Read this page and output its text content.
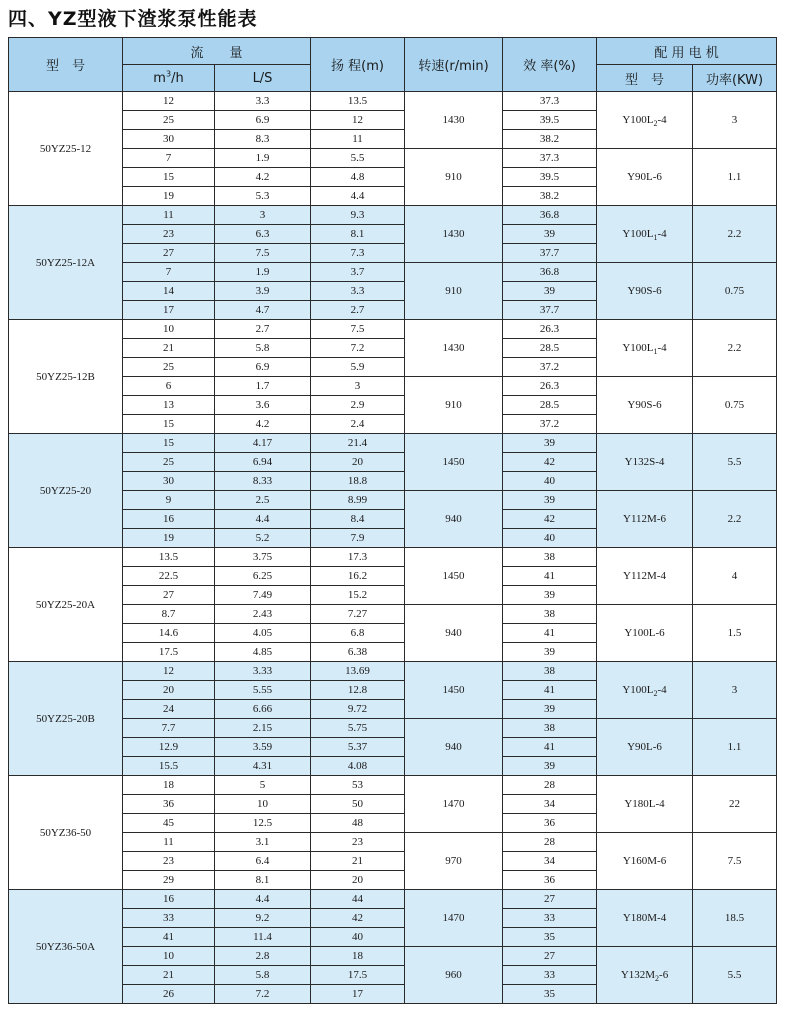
四、YZ型液下渣浆泵性能表
型　号	流　　量		扬 程(m)	转速(r/min)	效 率(%)	配 用 电 机	
	$m^3/h$	L/S				型　号	功率(KW)
50YZ25-12	12	3.3	13.5	1430	37.3	$Y100L_2-4$	3
	25	6.9	12		39.5		
	30	8.3	11		38.2		
	7	1.9	5.5	910	37.3	Y90L-6	1.1
	15	4.2	4.8		39.5		
	19	5.3	4.4		38.2		
50YZ25-12A	11	3	9.3	1430	36.8	$Y100L_1-4$	2.2
	23	6.3	8.1		39		
	27	7.5	7.3		37.7		
	7	1.9	3.7	910	36.8	Y90S-6	0.75
	14	3.9	3.3		39		
	17	4.7	2.7		37.7		
50YZ25-12B	10	2.7	7.5	1430	26.3	$Y100L_1-4$	2.2
	21	5.8	7.2		28.5		
	25	6.9	5.9		37.2		
	6	1.7	3	910	26.3	Y90S-6	0.75
	13	3.6	2.9		28.5		
	15	4.2	2.4		37.2		
50YZ25-20	15	4.17	21.4	1450	39	Y132S-4	5.5
	25	6.94	20		42		
	30	8.33	18.8		40		
	9	2.5	8.99	940	39	Y112M-6	2.2
	16	4.4	8.4		42		
	19	5.2	7.9		40		
50YZ25-20A	13.5	3.75	17.3	1450	38	Y112M-4	4
	22.5	6.25	16.2		41		
	27	7.49	15.2		39		
	8.7	2.43	7.27	940	38	Y100L-6	1.5
	14.6	4.05	6.8		41		
	17.5	4.85	6.38		39		
50YZ25-20B	12	3.33	13.69	1450	38	$Y100L_2-4$	3
	20	5.55	12.8		41		
	24	6.66	9.72		39		
	7.7	2.15	5.75	940	38	Y90L-6	1.1
	12.9	3.59	5.37		41		
	15.5	4.31	4.08		39		
50YZ36-50	18	5	53	1470	28	Y180L-4	22
	36	10	50		34		
	45	12.5	48		36		
	11	3.1	23	970	28	Y160M-6	7.5
	23	6.4	21		34		
	29	8.1	20		36		
50YZ36-50A	16	4.4	44	1470	27	Y180M-4	18.5
	33	9.2	42		33		
	41	11.4	40		35		
	10	2.8	18	960	27	$Y132M_2-6$	5.5
	21	5.8	17.5		33		
	26	7.2	17		35		
